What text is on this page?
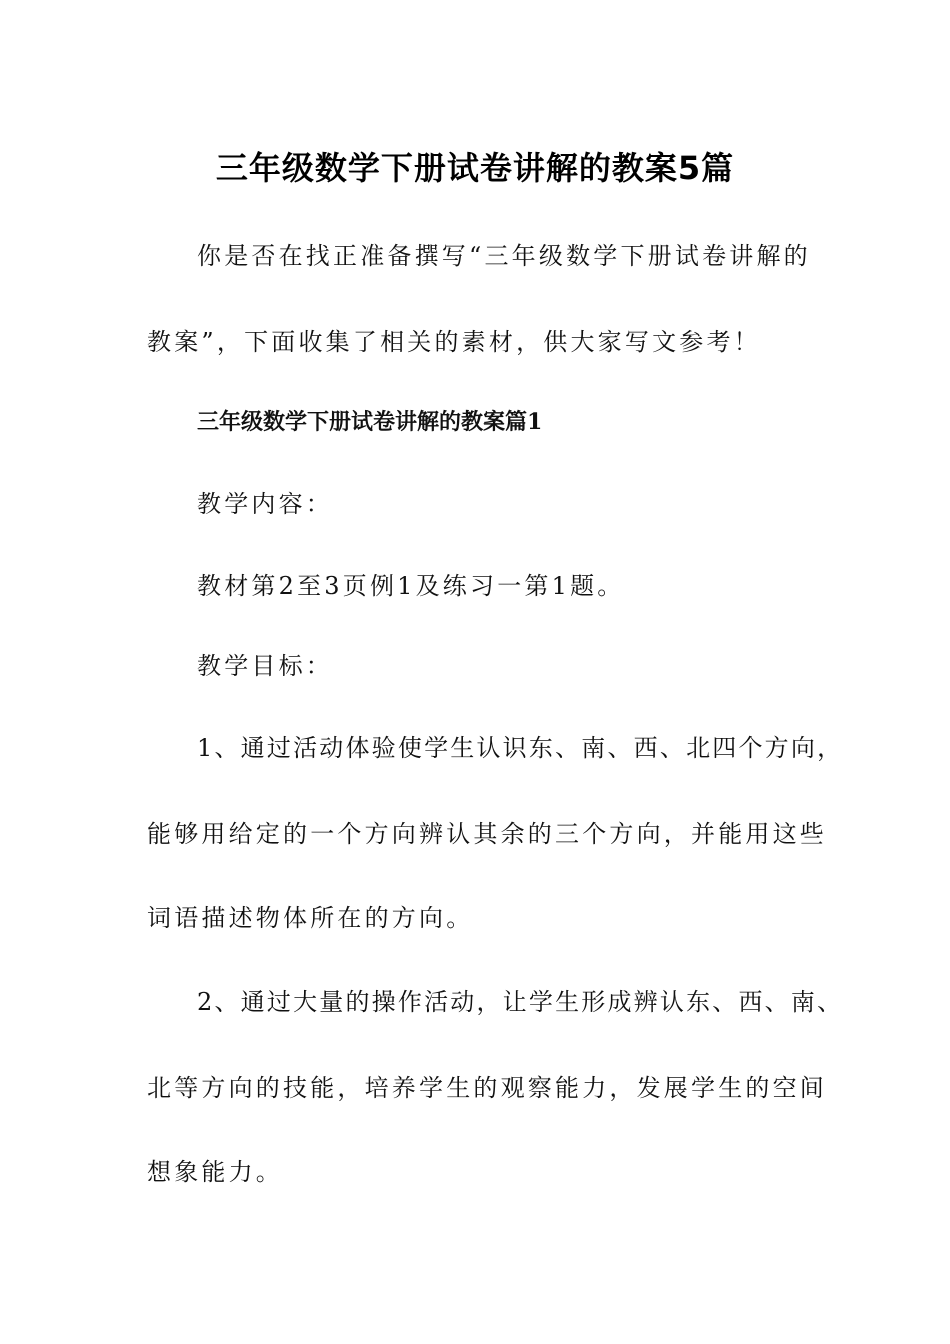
三年级数学下册试卷讲解的教案5篇
你是否在找正准备撰写“三年级数学下册试卷讲解的
教案”，下面收集了相关的素材，供大家写文参考！
三年级数学下册试卷讲解的教案篇1
教学内容：
教材第2至3页例1及练习一第1题。
教学目标：
1、通过活动体验使学生认识东、南、西、北四个方向，
能够用给定的一个方向辨认其余的三个方向，并能用这些
词语描述物体所在的方向。
2、通过大量的操作活动，让学生形成辨认东、西、南、
北等方向的技能，培养学生的观察能力，发展学生的空间
想象能力。
